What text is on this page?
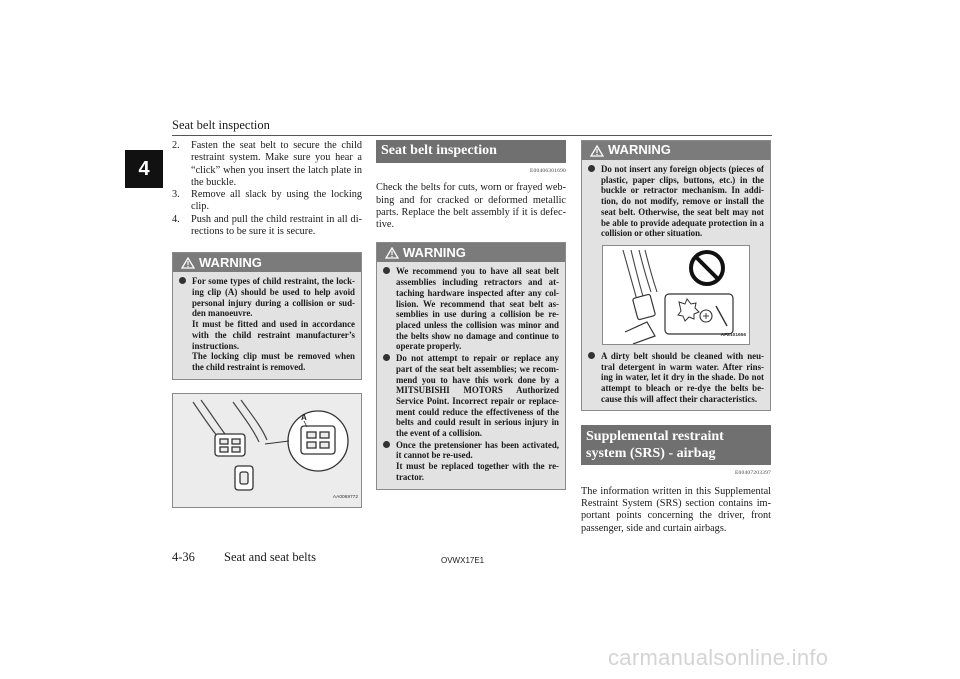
Seat belt inspection
4
2. Fasten the seat belt to secure the child restraint system. Make sure you hear a “click” when you insert the latch plate in the buckle.
3. Remove all slack by using the locking clip.
4. Push and pull the child restraint in all di- rections to be sure it is secure.
WARNING
For some types of child restraint, the lock- ing clip (A) should be used to help avoid personal injury during a collision or sud- den manoeuvre.
It must be fitted and used in accordance with the child restraint manufacturer’s instructions.
The locking clip must be removed when the child restraint is removed.
A
AA0069772
Seat belt inspection
E00406301690
Check the belts for cuts, worn or frayed web- bing and for cracked or deformed metallic parts. Replace the belt assembly if it is defec- tive.
WARNING
We recommend you to have all seat belt assemblies including retractors and at- taching hardware inspected after any col- lision. We recommend that seat belt as- semblies in use during a collision be re- placed unless the collision was minor and the belts show no damage and continue to operate properly.
Do not attempt to repair or replace any part of the seat belt assemblies; we recom- mend you to have this work done by a MITSUBISHI MOTORS Authorized Service Point. Incorrect repair or replace- ment could reduce the effectiveness of the belts and could result in serious injury in the event of a collision.
Once the pretensioner has been activated, it cannot be re-used.
It must be replaced together with the re- tractor.
WARNING
Do not insert any foreign objects (pieces of plastic, paper clips, buttons, etc.) in the buckle or retractor mechanism. In addi- tion, do not modify, remove or install the seat belt. Otherwise, the seat belt may not be able to provide adequate protection in a collision or other situation.
AFZ101656
A dirty belt should be cleaned with neu- tral detergent in warm water. After rins- ing in water, let it dry in the shade. Do not attempt to bleach or re-dye the belts be- cause this will affect their characteristics.
Supplemental restraint system (SRS) - airbag
E00407203397
The information written in this Supplemental Restraint System (SRS) section contains im- portant points concerning the driver, front passenger, side and curtain airbags.
4-36 Seat and seat belts	OVWX17E1
carmanualsonline.info
